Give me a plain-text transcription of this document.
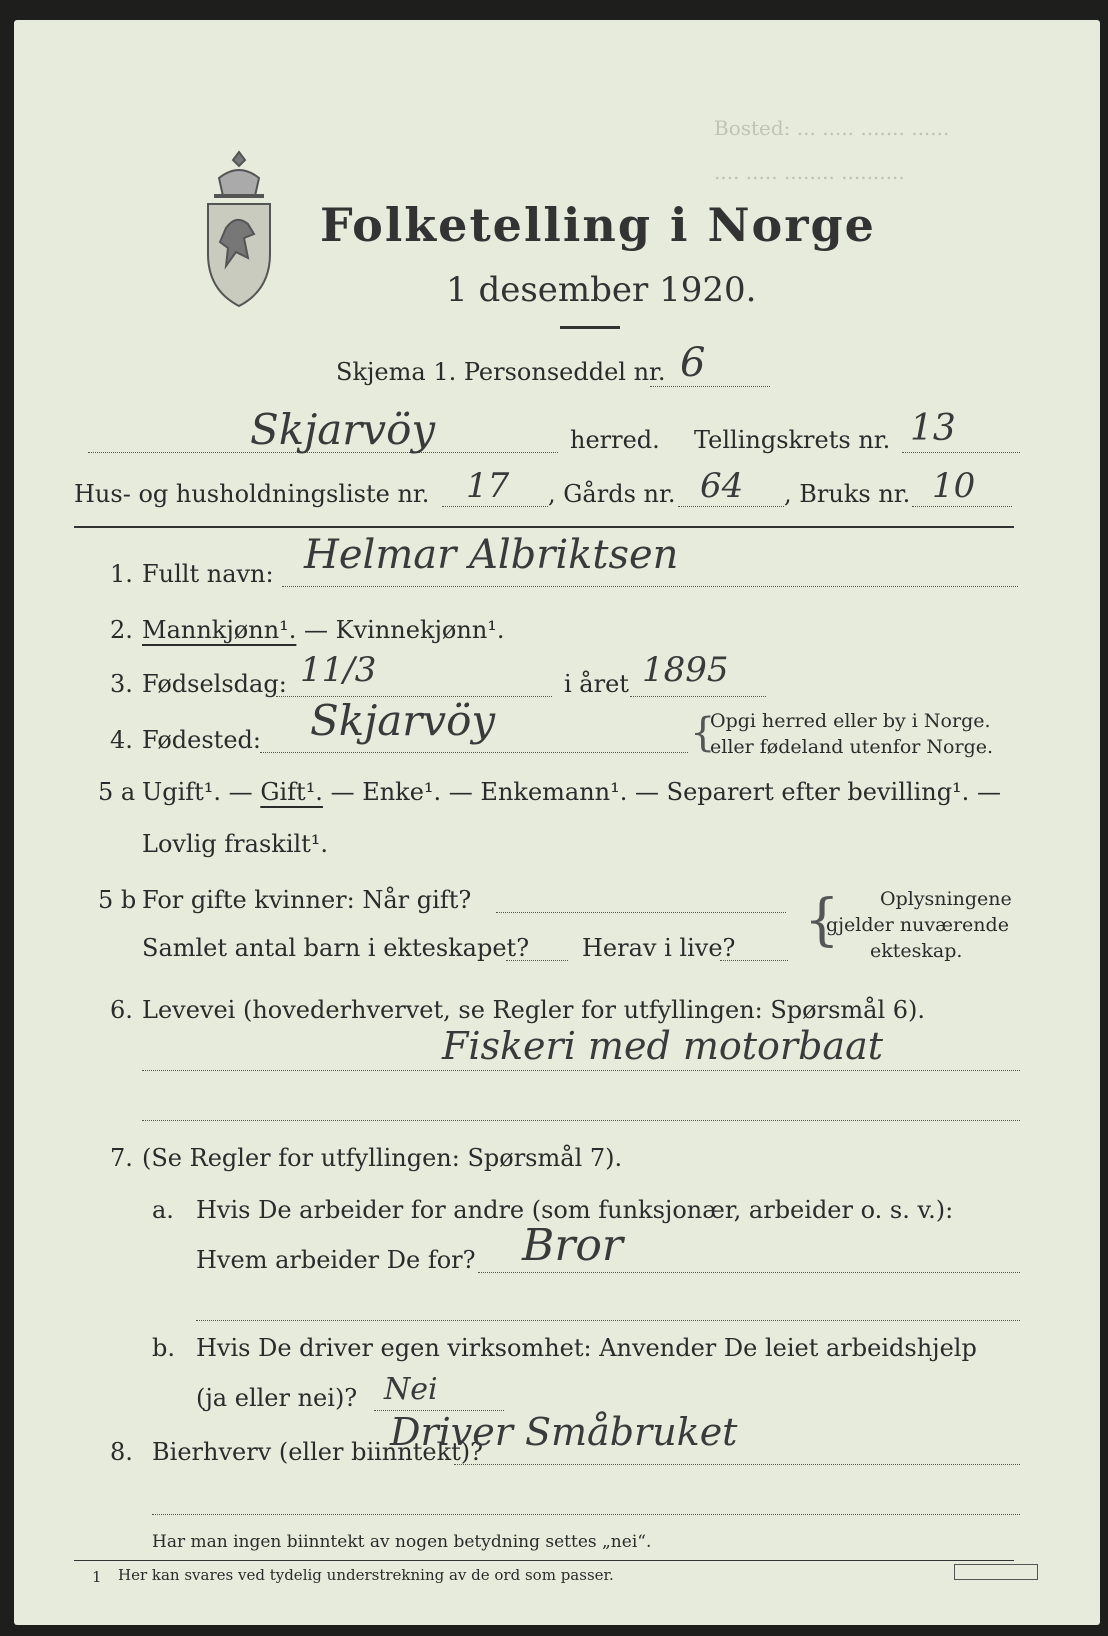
Bosted: ... ..... ....... ......
.... ..... ........ ..........
Folketelling i Norge
1 desember 1920.
Skjema 1. Personseddel nr. 6
Skjarvöy	herred. Tellingskrets nr. 13
Hus- og husholdningsliste nr. 17 , Gårds nr. 64 , Bruks nr. 10
1. Fullt navn: Helmar Albriktsen
2. Mannkjønn¹. — Kvinnekjønn¹.
3. Fødselsdag: 11/3	i året 1895
4. Fødested: Skjarvöy	{
Opgi herred eller by i Norge.
eller fødeland utenfor Norge.
5 a Ugift¹. — Gift¹. — Enke¹. — Enkemann¹. — Separert efter bevilling¹. —
Lovlig fraskilt¹.
5 b For gifte kvinner: Når gift?
Samlet antal barn i ekteskapet? Herav i live? { Oplysningene
gjelder nuværende
ekteskap.
6. Levevei (hovederhvervet, se Regler for utfyllingen: Spørsmål 6).
Fiskeri med motorbaat
7. (Se Regler for utfyllingen: Spørsmål 7).
a. Hvis De arbeider for andre (som funksjonær, arbeider o. s. v.):
Hvem arbeider De for? Bror
b. Hvis De driver egen virksomhet: Anvender De leiet arbeidshjelp
(ja eller nei)? Nei
8. Bierhverv (eller biinntekt)?
Driver Småbruket
Har man ingen biinntekt av nogen betydning settes „nei“.
1 Her kan svares ved tydelig understrekning av de ord som passer.
